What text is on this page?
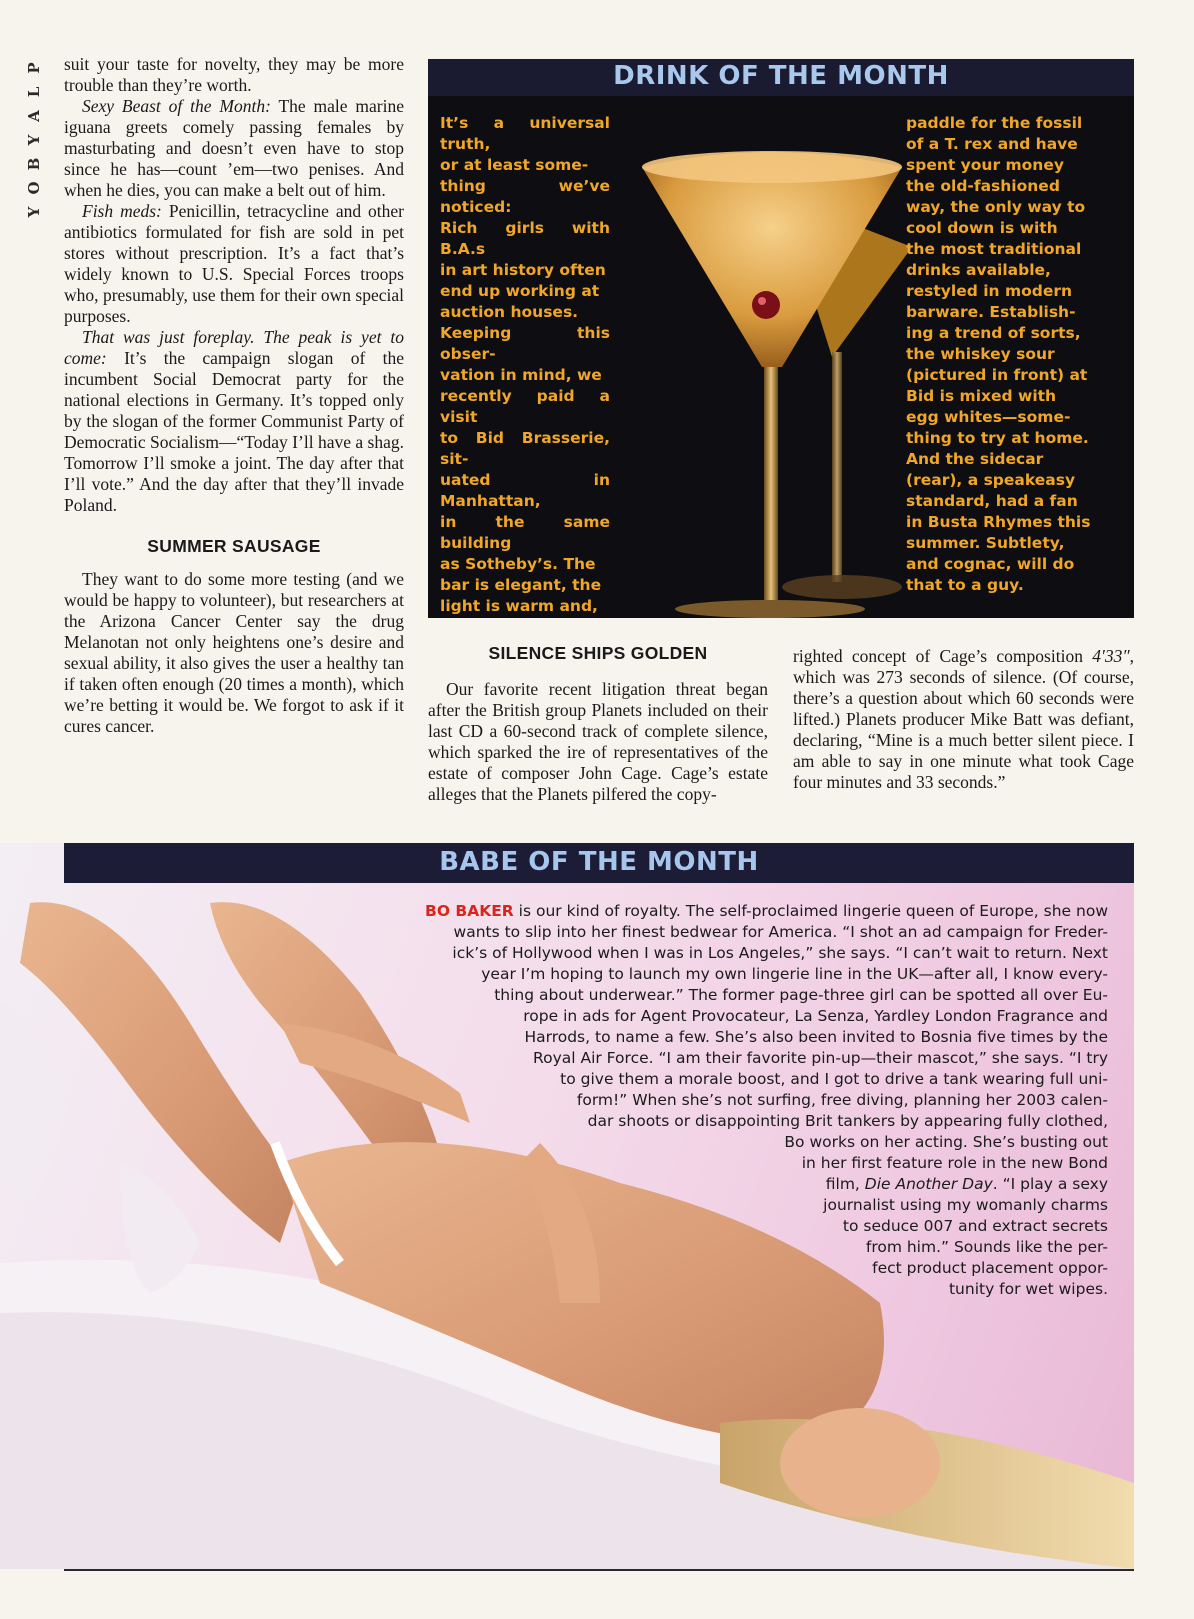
P
L
A
Y
B
O
Y

suit your taste for novelty, they may be more trouble than they’re worth.

Sexy Beast of the Month: The male marine iguana greets comely passing females by masturbating and doesn’t even have to stop since he has—count ’em—two penises. And when he dies, you can make a belt out of him.

Fish meds: Penicillin, tetracycline and other antibiotics formulated for fish are sold in pet stores without prescription. It’s a fact that’s widely known to U.S. Special Forces troops who, presumably, use them for their own special purposes.

That was just foreplay. The peak is yet to come: It’s the campaign slogan of the incumbent Social Democrat party for the national elections in Germany. It’s topped only by the slogan of the former Communist Party of Democratic Socialism—“Today I’ll have a shag. Tomorrow I’ll smoke a joint. The day after that I’ll vote.” And the day after that they’ll invade Poland.

SUMMER SAUSAGE

They want to do some more testing (and we would be happy to volunteer), but researchers at the Arizona Cancer Center say the drug Melanotan not only heightens one’s desire and sexual ability, it also gives the user a healthy tan if taken often enough (20 times a month), which we’re betting it would be. We forgot to ask if it cures cancer.

DRINK OF THE MONTH
It’s a universal truth,
or at least some-
thing we’ve noticed:
Rich girls with B.A.s
in art history often
end up working at
auction houses.
Keeping this obser-
vation in mind, we
recently paid a visit
to Bid Brasserie, sit-
uated in Manhattan,
in the same building
as Sotheby’s. The
bar is elegant, the
light is warm and,
paddle for the fossil
of a T. rex and have
spent your money
the old-fashioned
way, the only way to
cool down is with
the most traditional
drinks available,
restyled in modern
barware. Establish-
ing a trend of sorts,
the whiskey sour
(pictured in front) at
Bid is mixed with
egg whites—some-
thing to try at home.
And the sidecar
(rear), a speakeasy
standard, had a fan
in Busta Rhymes this
summer. Subtlety,
and cognac, will do
that to a guy.
SILENCE SHIPS GOLDEN

Our favorite recent litigation threat began after the British group Planets included on their last CD a 60-second track of complete silence, which sparked the ire of representatives of the estate of composer John Cage. Cage’s estate alleges that the Planets pilfered the copy-

righted concept of Cage’s composition 4′33″, which was 273 seconds of silence. (Of course, there’s a question about which 60 seconds were lifted.) Planets producer Mike Batt was defiant, declaring, “Mine is a much better silent piece. I am able to say in one minute what took Cage four minutes and 33 seconds.”

BABE OF THE MONTH
BO BAKER is our kind of royalty. The self-proclaimed lingerie queen of Europe, she now
wants to slip into her finest bedwear for America. “I shot an ad campaign for Freder-
ick’s of Hollywood when I was in Los Angeles,” she says. “I can’t wait to return. Next
year I’m hoping to launch my own lingerie line in the UK—after all, I know every-
thing about underwear.” The former page-three girl can be spotted all over Eu-
rope in ads for Agent Provocateur, La Senza, Yardley London Fragrance and
Harrods, to name a few. She’s also been invited to Bosnia five times by the
Royal Air Force. “I am their favorite pin-up—their mascot,” she says. “I try
to give them a morale boost, and I got to drive a tank wearing full uni-
form!” When she’s not surfing, free diving, planning her 2003 calen-
dar shoots or disappointing Brit tankers by appearing fully clothed,
Bo works on her acting. She’s busting out
in her first feature role in the new Bond
film, Die Another Day. “I play a sexy
journalist using my womanly charms
to seduce 007 and extract secrets
from him.” Sounds like the per-
fect product placement oppor-
tunity for wet wipes.
